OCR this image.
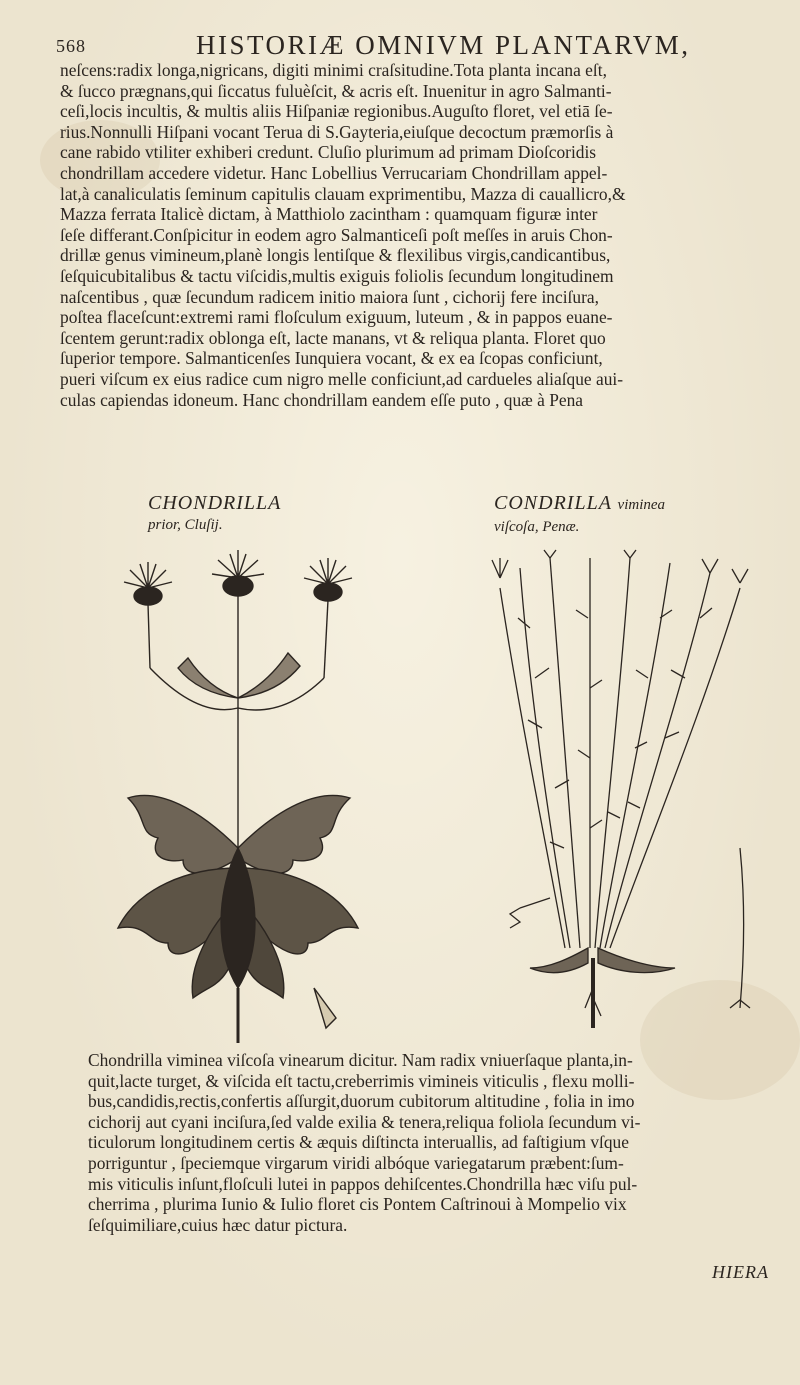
568	HISTORIÆ OMNIVM PLANTARVM,
neſcens:radix longa,nigricans, digiti minimi craſsitudine.Tota planta incana eſt,
& ſucco prægnans,qui ſiccatus fuluèſcit, & acris eſt. Inuenitur in agro Salmanti-
ceſi,locis incultis, & multis aliis Hiſpaniæ regionibus.Auguſto floret, vel etiā ſe-
rius.Nonnulli Hiſpani vocant Terua di S.Gayteria,eiuſque decoctum præmorſis à
cane rabido vtiliter exhiberi credunt. Cluſio plurimum ad primam Dioſcoridis
chondrillam accedere videtur. Hanc Lobellius Verrucariam Chondrillam appel-
lat,à canaliculatis ſeminum capitulis clauam exprimentibu, Mazza di cauallicro,&
Mazza ferrata Italicè dictam, à Matthiolo zacintham : quamquam figuræ inter
ſeſe differant.Conſpicitur in eodem agro Salmanticeſi poſt meſſes in aruis Chon-
drillæ genus vimineum,planè longis lentiſque & flexilibus virgis,candicantibus,
ſeſquicubitalibus & tactu viſcidis,multis exiguis foliolis ſecundum longitudinem
naſcentibus , quæ ſecundum radicem initio maiora ſunt , cichorij fere inciſura,
poſtea flaceſcunt:extremi rami floſculum exiguum, luteum , & in pappos euane-
ſcentem gerunt:radix oblonga eſt, lacte manans, vt & reliqua planta. Floret quo
ſuperior tempore. Salmanticenſes Iunquiera vocant, & ex ea ſcopas conficiunt,
pueri viſcum ex eius radice cum nigro melle conficiunt,ad cardueles aliaſque aui-
culas capiendas idoneum. Hanc chondrillam eandem eſſe puto , quæ à Pena
CHONDRILLA
prior, Cluſij.
CONDRILLA viminea
viſcoſa, Penæ.
Chondrilla viminea viſcoſa vinearum dicitur. Nam radix vniuerſaque planta,in-
quit,lacte turget, & viſcida eſt tactu,creberrimis vimineis viticulis , flexu molli-
bus,candidis,rectis,confertis aſſurgit,duorum cubitorum altitudine , folia in imo
cichorij aut cyani inciſura,ſed valde exilia & tenera,reliqua foliola ſecundum vi-
ticulorum longitudinem certis & æquis diſtincta interuallis, ad faſtigium vſque
porriguntur , ſpeciemque virgarum viridi albóque variegatarum præbent:ſum-
mis viticulis inſunt,floſculi lutei in pappos dehiſcentes.Chondrilla hæc viſu pul-
cherrima , plurima Iunio & Iulio floret cis Pontem Caſtrinoui à Mompelio vix
ſeſquimiliare,cuius hæc datur pictura.
HIERA
